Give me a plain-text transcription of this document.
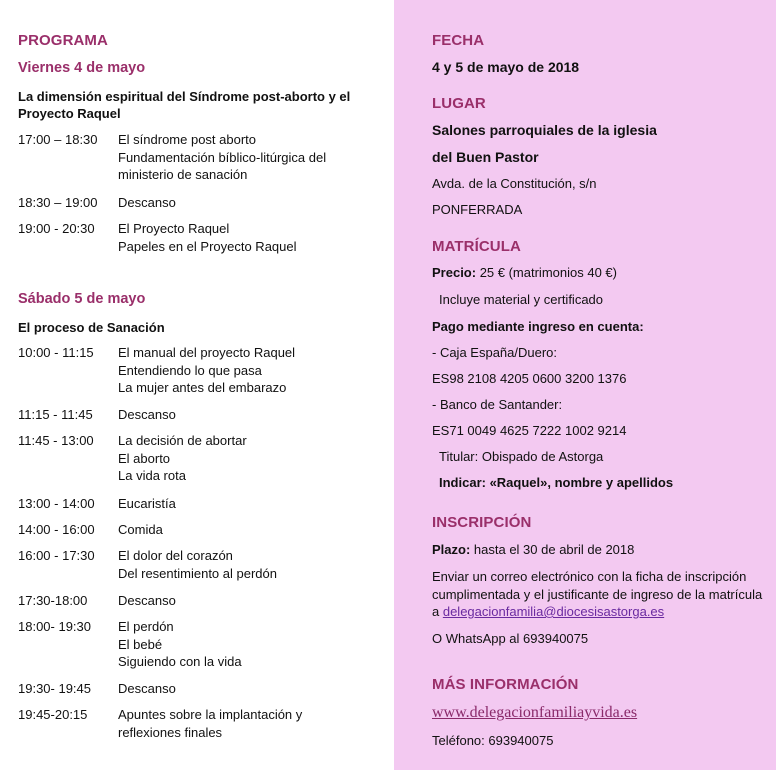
PROGRAMA
Viernes 4 de mayo
La dimensión espiritual del Síndrome post-aborto y el Proyecto Raquel
17:00 – 18:30	El síndrome post aborto
Fundamentación bíblico-litúrgica del
ministerio de sanación
18:30 – 19:00	Descanso
19:00 - 20:30	El Proyecto Raquel
Papeles en el Proyecto Raquel
Sábado 5 de mayo
El proceso de Sanación
10:00 - 11:15	El manual del proyecto Raquel
Entendiendo lo que pasa
La mujer antes del embarazo
11:15 - 11:45	Descanso
11:45 - 13:00	La decisión de abortar
El aborto
La vida rota
13:00 - 14:00	Eucaristía
14:00 - 16:00	Comida
16:00 - 17:30	El dolor del corazón
Del resentimiento al perdón
17:30-18:00	Descanso
18:00- 19:30	El perdón
El bebé
Siguiendo con la vida
19:30- 19:45	Descanso
19:45-20:15	Apuntes sobre la implantación y
reflexiones finales
FECHA
4 y 5 de mayo de 2018
LUGAR
Salones parroquiales de la iglesia
del Buen Pastor
Avda. de la Constitución, s/n
PONFERRADA
MATRÍCULA
Precio: 25 € (matrimonios 40 €)
Incluye material y certificado
Pago mediante ingreso en cuenta:
- Caja España/Duero:
ES98 2108 4205 0600 3200 1376
- Banco de Santander:
ES71 0049 4625 7222 1002 9214
Titular: Obispado de Astorga
Indicar: «Raquel», nombre y apellidos
INSCRIPCIÓN
Plazo: hasta el 30 de abril de 2018
Enviar un correo electrónico con la ficha de inscripción
cumplimentada y el justificante de ingreso de la matrícula
a delegacionfamilia@diocesisastorga.es
O WhatsApp al 693940075
MÁS INFORMACIÓN
www.delegacionfamiliayvida.es
Teléfono: 693940075
